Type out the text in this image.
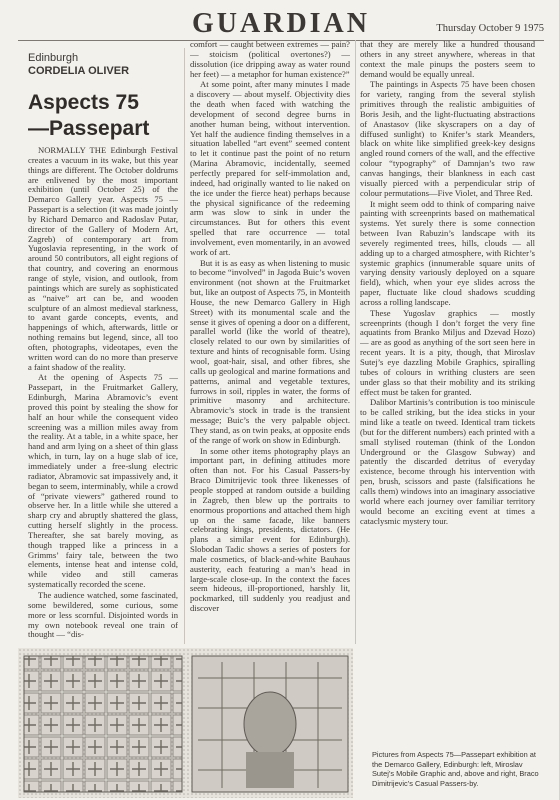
GUARDIAN	Thursday October 9 1975
Edinburgh
CORDELIA OLIVER
Aspects 75
—Passepart

NORMALLY THE Edinburgh Festival creates a vacuum in its wake, but this year things are different. The October doldrums are enlivened by the most important exhibition (until October 25) of the Demarco Gallery year. Aspects 75 — Passepart is a selection (it was made jointly by Richard Demarco and Radoslav Putar, director of the Gallery of Modern Art, Zagreb) of contemporary art from Yugoslavia representing, in the work of around 50 contributors, all eight regions of that country, and covering an enormous range of style, vision, and outlook, from paintings which are surely as sophisticated as “naive” art can be, and wooden sculpture of an almost medieval starkness, to avant garde concepts, events, and happenings of which, afterwards, little or nothing remains but legend, since, all too often, photographs, videotapes, even the written word can do no more than preserve a faint shadow of the reality.

At the opening of Aspects 75 — Passepart, in the Fruitmarket Gallery, Edinburgh, Marina Abramovic’s event proved this point by stealing the show for half an hour while the consequent video screening was a million miles away from the reality. At a table, in a white space, her hand and arm lying on a sheet of thin glass which, in turn, lay on a huge slab of ice, immediately under a free-slung electric radiator, Abramovic sat impassively and, it began to seem, interminably, while a crowd of “private viewers” gathered round to observe her. In a little while she uttered a sharp cry and abruptly shattered the glass, cutting herself slightly in the process. Thereafter, she sat barely moving, as though trapped like a princess in a Grimms’ fairy tale, between the two elements, intense heat and intense cold, while video and still cameras systematically recorded the scene.

The audience watched, some fascinated, some bewildered, some curious, some more or less scornful. Disjointed words in my own notebook reveal one train of thought — “dis-

comfort — caught between extremes — pain? — stoicism (political overtones?) — dissolution (ice dripping away as water round her feet) — a metaphor for human existence?”

At some point, after many minutes I made a discovery — about myself. Objectivity dies the death when faced with watching the development of second degree burns in another human being, without intervention. Yet half the audience finding themselves in a situation labelled “art event” seemed content to let it continue past the point of no return (Marina Abramovic, incidentally, seemed perfectly prepared for self-immolation and, indeed, had originally wanted to lie naked on the ice under the fierce heat) perhaps because the physical significance of the redeeming arm was slow to sink in under the circumstances. But for others this event spelled that rare occurrence — total involvement, even momentarily, in an avowed work of art.

But it is as easy as when listening to music to become “involved” in Jagoda Buic’s woven environment (not shown at the Fruitmarket but, like an outpost of Aspects 75, in Monteith House, the new Demarco Gallery in High Street) with its monumental scale and the sense it gives of opening a door on a different, parallel world (like the world of theatre), closely related to our own by similarities of texture and hints of recognisable form. Using wool, goat-hair, sisal, and other fibres, she calls up geological and marine formations and patterns, animal and vegetable textures, furrows in soil, ripples in water, the forms of primitive masonry and architecture. Abramovic’s stock in trade is the transient message; Buic’s the very palpable object. They stand, as on twin peaks, at opposite ends of the range of work on show in Edinburgh.

In some other items photography plays an important part, in defining attitudes more often than not. For his Casual Passers-by Braco Dimitrijevic took three likenesses of people stopped at random outside a building in Zagreb, then blew up the portraits to enormous proportions and attached them high up on the same facade, like banners celebrating kings, presidents, dictators. (He plans a similar event for Edinburgh). Slobodan Tadic shows a series of posters for male cosmetics, of black-and-white Bauhaus austerity, each featuring a man’s head in large-scale close-up. In the context the faces seem hideous, ill-proportioned, harshly lit, pockmarked, till suddenly you readjust and discover

that they are merely like a hundred thousand others in any street anywhere, whereas in that context the male pinups the posters seem to demand would be equally unreal.

The paintings in Aspects 75 have been chosen for variety, ranging from the several stylish primitives through the realistic ambiguities of Boris Jesih, and the light-fluctuating abstractions of Anastasov (like skyscrapers on a day of diffused sunlight) to Knifer’s stark Meanders, black on white like simplified greek-key designs angled round corners of the wall, and the effective colour “typography” of Damnjan’s two raw canvas hangings, their blankness in each cast visually pierced with a perpendicular strip of colour permutations—Five Violet, and Three Red.

It might seem odd to think of comparing naive painting with screenprints based on mathematical systems. Yet surely there is some connection between Ivan Rabuzin’s landscape with its severely regimented trees, hills, clouds — all adding up to a charged atmosphere, with Richter’s systemic graphics (innumerable square units of varying density variously deployed on a square field), which, when your eye slides across the paper, fluctuate like cloud shadows scudding across a rolling landscape.

These Yugoslav graphics — mostly screenprints (though I don’t forget the very fine aquatints from Branko Miljus and Dzevad Hozo) — are as good as anything of the sort seen here in recent years. It is a pity, though, that Miroslav Sutej’s eye dazzling Mobile Graphics, spiralling tubes of colours in writhing clusters are seen under glass so that their mobility and its striking effect must be taken for granted.

Dalibor Martinis’s contribution is too miniscule to be called striking, but the idea sticks in your mind like a teatle on tweed. Identical tram tickets (but for the different numbers) each printed with a small stylised routeman (think of the London Underground or the Glasgow Subway) and patently the discarded detritus of everyday existence, become through his intervention with pen, brush, scissors and paste (falsifications he calls them) windows into an imaginary associative world where each journey over familiar territory would become an exciting event at times a cataclysmic mystery tour.

Pictures from Aspects 75—Passepart exhibition at the Demarco Gallery, Edinburgh: left, Miroslav Sutej’s Mobile Graphic and, above and right, Braco Dimitrijevic’s Casual Passers-by.
